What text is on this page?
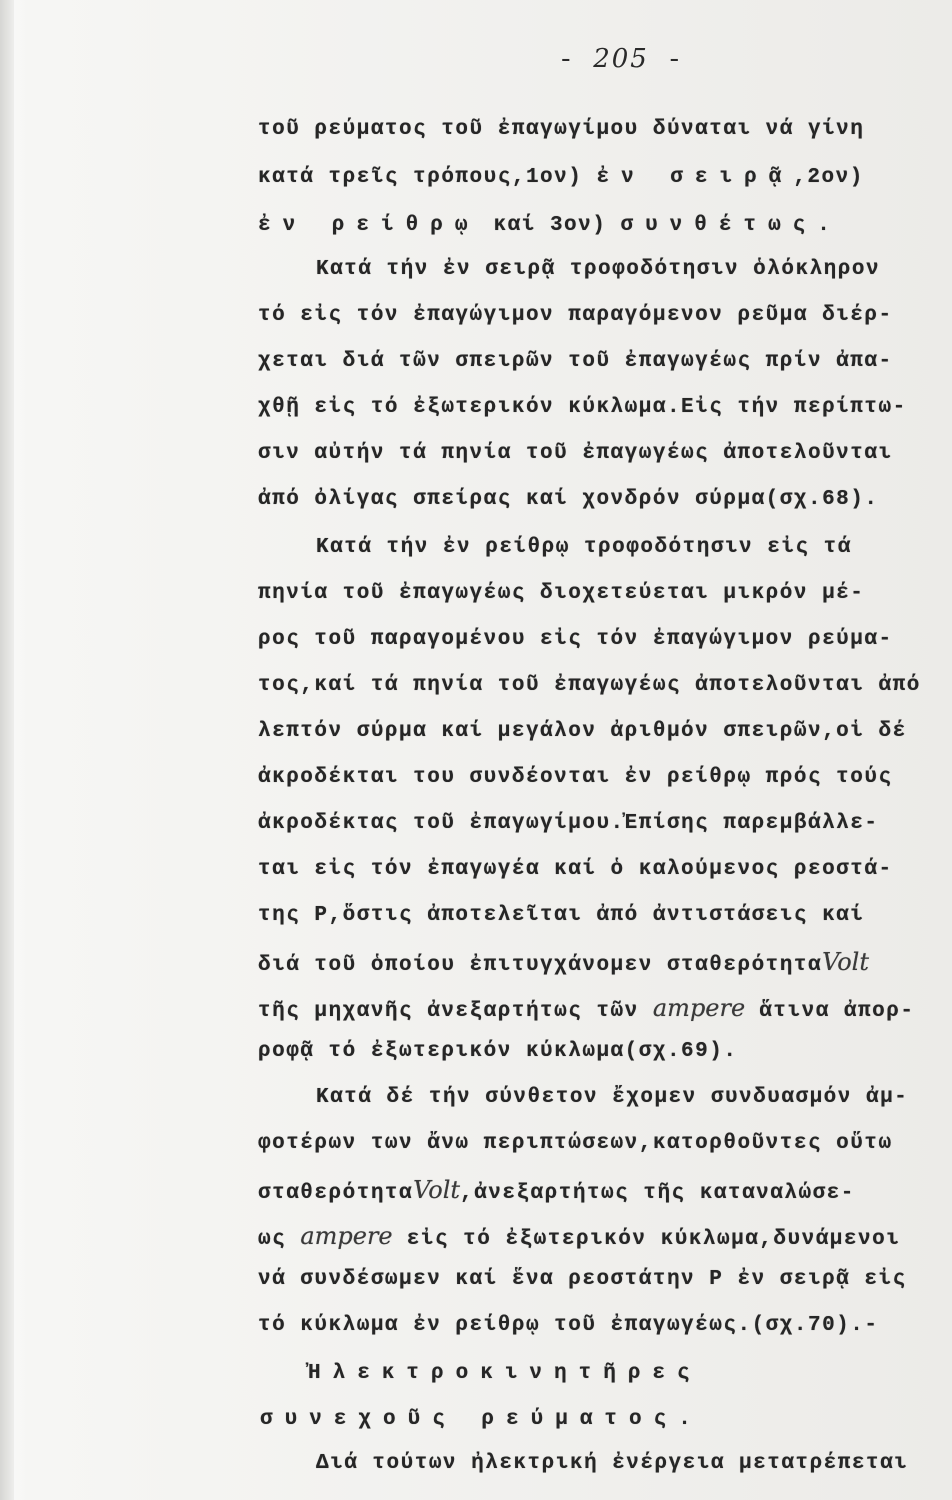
- 205 -
τοῦ ρεύματος τοῦ ἐπαγωγίμου δύναται νά γίνη
κατά τρεῖς τρόπους,1ον) ἐν σειρᾷ,2ον)
ἐν ρείθρῳ καί 3ον) συνθέτως.
Κατά τήν ἐν σειρᾷ τροφοδότησιν ὁλόκληρον
τό εἰς τόν ἐπαγώγιμον παραγόμενον ρεῦμα διέρ-
χεται διά τῶν σπειρῶν τοῦ ἐπαγωγέως πρίν ἀπα-
χθῇ εἰς τό ἐξωτερικόν κύκλωμα.Εἰς τήν περίπτω-
σιν αὐτήν τά πηνία τοῦ ἐπαγωγέως ἀποτελοῦνται
ἀπό ὀλίγας σπείρας καί χονδρόν σύρμα(σχ.68).
Κατά τήν ἐν ρείθρῳ τροφοδότησιν εἰς τά
πηνία τοῦ ἐπαγωγέως διοχετεύεται μικρόν μέ-
ρος τοῦ παραγομένου εἰς τόν ἐπαγώγιμον ρεύμα-
τος,καί τά πηνία τοῦ ἐπαγωγέως ἀποτελοῦνται ἀπό
λεπτόν σύρμα καί μεγάλον ἀριθμόν σπειρῶν,οἱ δέ
ἀκροδέκται του συνδέονται ἐν ρείθρῳ πρός τούς
ἀκροδέκτας τοῦ ἐπαγωγίμου.Ἐπίσης παρεμβάλλε-
ται εἰς τόν ἐπαγωγέα καί ὁ καλούμενος ρεοστά-
της Ρ,ὅστις ἀποτελεῖται ἀπό ἀντιστάσεις καί
διά τοῦ ὁποίου ἐπιτυγχάνομεν σταθερότηταVolt
τῆς μηχανῆς ἀνεξαρτήτως τῶν ampere ἅτινα ἀπορ-
ροφᾷ τό ἐξωτερικόν κύκλωμα(σχ.69).
Κατά δέ τήν σύνθετον ἔχομεν συνδυασμόν ἀμ-
φοτέρων των ἄνω περιπτώσεων,κατορθοῦντες οὕτω
σταθερότηταVolt,ἀνεξαρτήτως τῆς καταναλώσε-
ως ampere εἰς τό ἐξωτερικόν κύκλωμα,δυνάμενοι
νά συνδέσωμεν καί ἕνα ρεοστάτην Ρ ἐν σειρᾷ εἰς
τό κύκλωμα ἐν ρείθρῳ τοῦ ἐπαγωγέως.(σχ.70).-
Ἠλεκτροκινητῆρες
συνεχοῦς ρεύματος.
Διά τούτων ἠλεκτρική ἐνέργεια μετατρέπεται
